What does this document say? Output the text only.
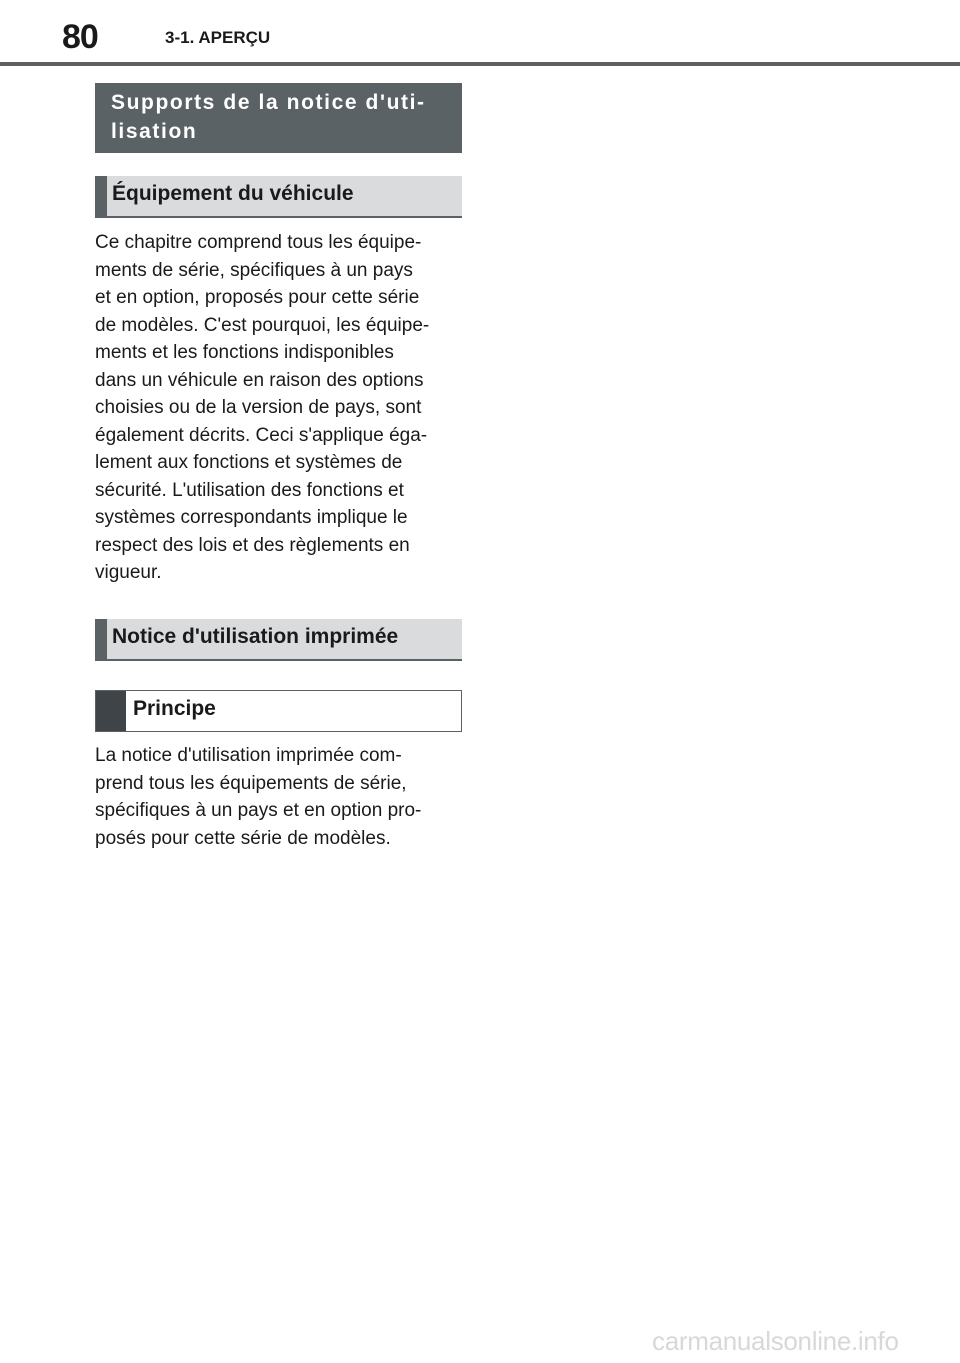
80	3-1. APERÇU
Supports de la notice d'uti-
lisation
Équipement du véhicule
Ce chapitre comprend tous les équipe-
ments de série, spécifiques à un pays
et en option, proposés pour cette série
de modèles. C'est pourquoi, les équipe-
ments et les fonctions indisponibles
dans un véhicule en raison des options
choisies ou de la version de pays, sont
également décrits. Ceci s'applique éga-
lement aux fonctions et systèmes de
sécurité. L'utilisation des fonctions et
systèmes correspondants implique le
respect des lois et des règlements en
vigueur.
Notice d'utilisation imprimée
Principe
La notice d'utilisation imprimée com-
prend tous les équipements de série,
spécifiques à un pays et en option pro-
posés pour cette série de modèles.
carmanualsonline.info
